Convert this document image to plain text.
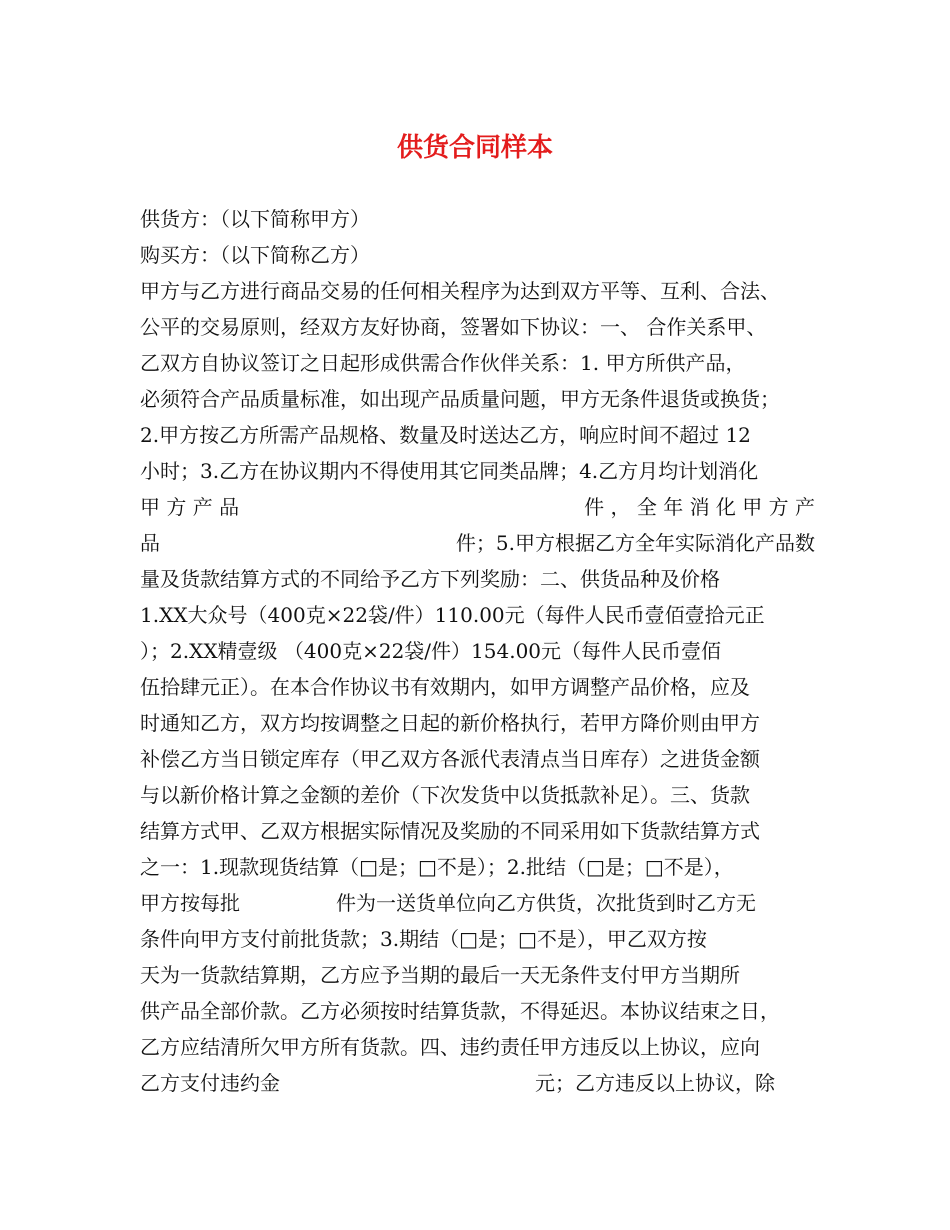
供货合同样本
供货方：（以下简称甲方）
购买方：（以下简称乙方）
甲方与乙方进行商品交易的任何相关程序为达到双方平等、互利、合法、
公平的交易原则，经双方友好协商，签署如下协议：一、 合作关系甲、
乙双方自协议签订之日起形成供需合作伙伴关系：1. 甲方所供产品，
必须符合产品质量标准，如出现产品质量问题，甲方无条件退货或换货；
2.甲方按乙方所需产品规格、数量及时送达乙方，响应时间不超过 12
小时；3.乙方在协议期内不得使用其它同类品牌；4.乙方月均计划消化
甲 方 产 品	件 ， 全 年 消 化 甲 方 产
品	件；5.甲方根据乙方全年实际消化产品数
量及货款结算方式的不同给予乙方下列奖励：二、供货品种及价格
1.XX大众号（400克×22袋/件）110.00元（每件人民币壹佰壹拾元正
）；2.XX精壹级 （400克×22袋/件）154.00元（每件人民币壹佰
伍拾肆元正）。在本合作协议书有效期内，如甲方调整产品价格，应及
时通知乙方，双方均按调整之日起的新价格执行，若甲方降价则由甲方
补偿乙方当日锁定库存（甲乙双方各派代表清点当日库存）之进货金额
与以新价格计算之金额的差价（下次发货中以货抵款补足）。三、货款
结算方式甲、乙双方根据实际情况及奖励的不同采用如下货款结算方式
之一：1.现款现货结算（□是；□不是）；2.批结（□是；□不是），
甲方按每批	件为一送货单位向乙方供货，次批货到时乙方无
条件向甲方支付前批货款；3.期结（□是；□不是），甲乙双方按
天为一货款结算期，乙方应予当期的最后一天无条件支付甲方当期所
供产品全部价款。乙方必须按时结算货款，不得延迟。本协议结束之日，
乙方应结清所欠甲方所有货款。四、违约责任甲方违反以上协议，应向
乙方支付违约金	元；乙方违反以上协议，除
